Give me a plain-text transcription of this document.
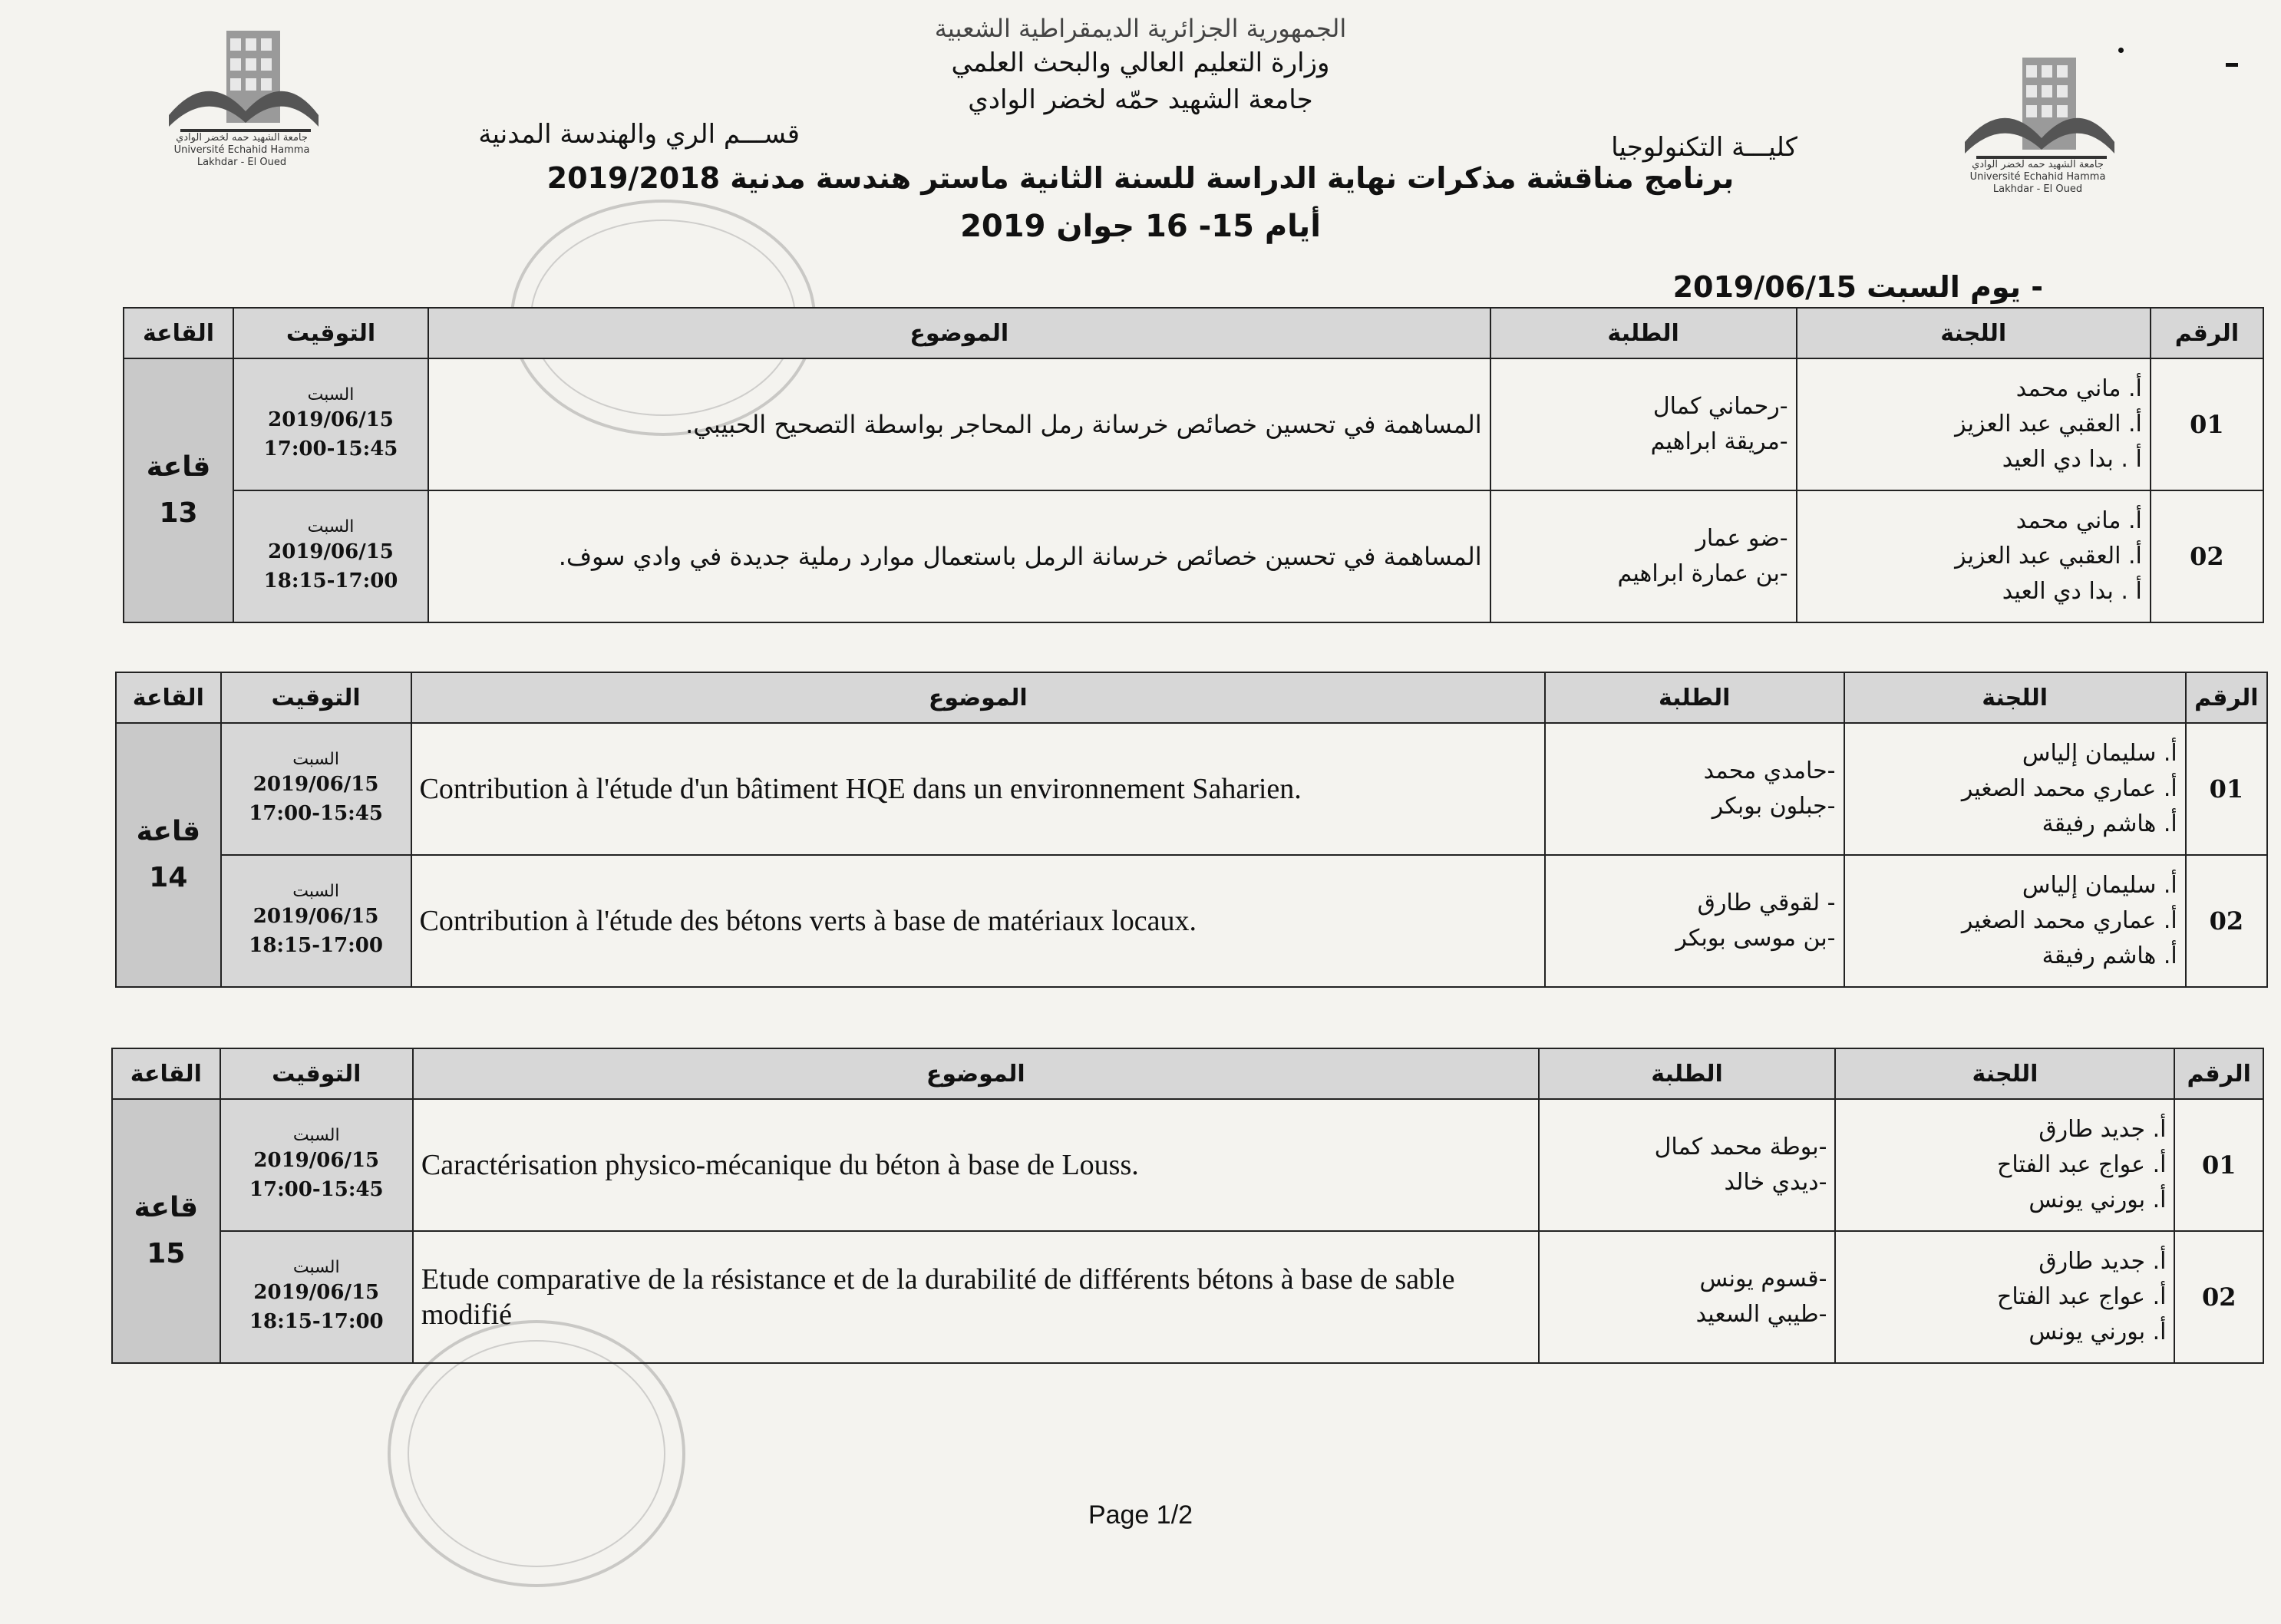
جامعة الشهيد حمه لخضر الوادي
Université Echahid Hamma Lakhdar - El Oued	جامعة الشهيد حمه لخضر الوادي
Université Echahid Hamma Lakhdar - El Oued
الجمهورية الجزائرية الديمقراطية الشعبية
وزارة التعليم العالي والبحث العلمي
جامعة الشهيد حمّه لخضر الوادي
كليـــة التكنولوجيا
قســـم الري والهندسة المدنية
برنامج مناقشة مذكرات نهاية الدراسة للسنة الثانية ماستر هندسة مدنية 2019/2018
أيام 15- 16 جوان 2019
- يوم السبت 2019/06/15
الرقم	اللجنة	الطلبة	الموضوع	التوقيت	القاعة
01	أ. ماني محمد
أ. العقبي عبد العزيز
أ . بدا دي العيد	-رحماني كمال
-مريقة ابراهيم	المساهمة في تحسين خصائص خرسانة رمل المحاجر بواسطة التصحيح الحبيبي.	السبت
2019/06/15
17:00-15:45	قاعة
13

02	أ. ماني محمد
أ. العقبي عبد العزيز
أ . بدا دي العيد	-ضو عمار
-بن عمارة ابراهيم	المساهمة في تحسين خصائص خرسانة الرمل باستعمال موارد رملية جديدة في وادي سوف.	السبت
2019/06/15
18:15-17:00	
الرقم	اللجنة	الطلبة	الموضوع	التوقيت	القاعة
01	أ. سليمان إلياس
أ. عماري محمد الصغير
أ. هاشم رفيقة	-حامدي محمد
-جبلون بوبكر	Contribution à l'étude d'un bâtiment HQE dans un environnement Saharien.	السبت
2019/06/15
17:00-15:45	قاعة
14

02	أ. سليمان إلياس
أ. عماري محمد الصغير
أ. هاشم رفيقة	- لقوقي طارق
-بن موسى بوبكر	Contribution à l'étude des bétons verts à base de matériaux locaux.	السبت
2019/06/15
18:15-17:00	
الرقم	اللجنة	الطلبة	الموضوع	التوقيت	القاعة
01	أ. جديد طارق
أ. عواج عبد الفتاح
أ. بورني يونس	-بوطة محمد كمال
-ديدي خالد	Caractérisation physico-mécanique du béton à base de Louss.	السبت
2019/06/15
17:00-15:45	قاعة
15

02	أ. جديد طارق
أ. عواج عبد الفتاح
أ. بورني يونس	-قسوم يونس
-طيبي السعيد	Etude comparative de la résistance et de la durabilité de différents bétons à base de sable modifié	السبت
2019/06/15
18:15-17:00	
Page 1/2
